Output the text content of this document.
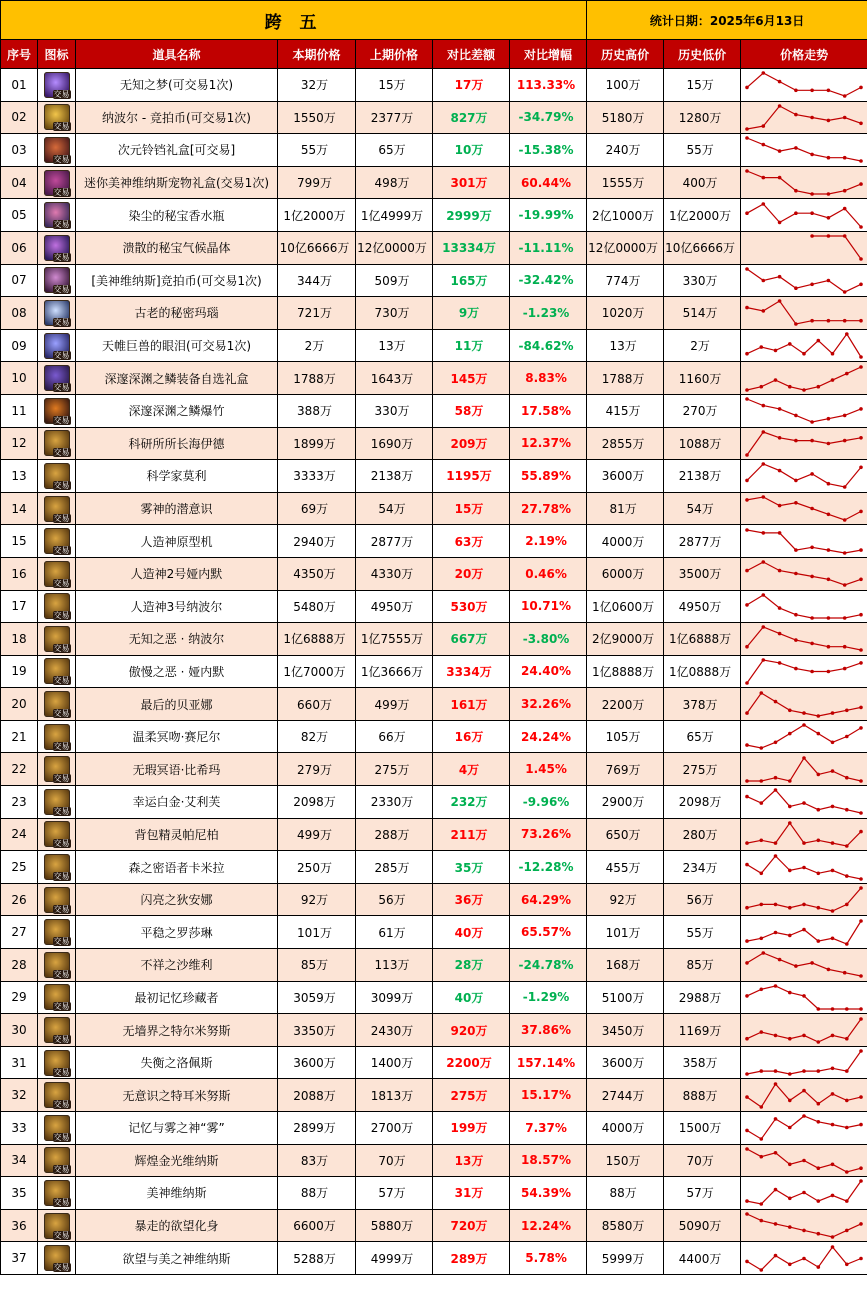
跨 五							统计日期：2025年6月13日		
序号	图标	道具名称	本期价格	上期价格	对比差额	对比增幅	历史高价	历史低价	价格走势
01	交易	无知之梦(可交易1次)	32万	15万	17万	113.33%	100万	15万	

02	交易	纳波尔 - 竞拍币(可交易1次)	1550万	2377万	827万	-34.79%	5180万	1280万	

03	交易	次元铃铛礼盒[可交易]	55万	65万	10万	-15.38%	240万	55万	

04	交易	迷你美神维纳斯宠物礼盒(交易1次)	799万	498万	301万	60.44%	1555万	400万	

05	交易	染尘的秘宝香水瓶	1亿2000万	1亿4999万	2999万	-19.99%	2亿1000万	1亿2000万	

06	交易	溃散的秘宝气候晶体	10亿6666万	12亿0000万	13334万	-11.11%	12亿0000万	10亿6666万	

07	交易	[美神维纳斯]竞拍币(可交易1次)	344万	509万	165万	-32.42%	774万	330万	

08	交易	古老的秘密玛瑙	721万	730万	9万	-1.23%	1020万	514万	

09	交易	天帷巨兽的眼泪(可交易1次)	2万	13万	11万	-84.62%	13万	2万	

10	交易	深邃深渊之鳞装备自选礼盒	1788万	1643万	145万	8.83%	1788万	1160万	

11	交易	深邃深渊之鳞爆竹	388万	330万	58万	17.58%	415万	270万	

12	交易	科研所所长海伊德	1899万	1690万	209万	12.37%	2855万	1088万	

13	交易	科学家莫利	3333万	2138万	1195万	55.89%	3600万	2138万	

14	交易	雾神的潜意识	69万	54万	15万	27.78%	81万	54万	

15	交易	人造神原型机	2940万	2877万	63万	2.19%	4000万	2877万	

16	交易	人造神2号娅内默	4350万	4330万	20万	0.46%	6000万	3500万	

17	交易	人造神3号纳波尔	5480万	4950万	530万	10.71%	1亿0600万	4950万	

18	交易	无知之恶 · 纳波尔	1亿6888万	1亿7555万	667万	-3.80%	2亿9000万	1亿6888万	

19	交易	傲慢之恶 · 娅内默	1亿7000万	1亿3666万	3334万	24.40%	1亿8888万	1亿0888万	

20	交易	最后的贝亚娜	660万	499万	161万	32.26%	2200万	378万	

21	交易	温柔冥吻·赛尼尔	82万	66万	16万	24.24%	105万	65万	

22	交易	无瑕冥语·比希玛	279万	275万	4万	1.45%	769万	275万	

23	交易	幸运白金·艾利芙	2098万	2330万	232万	-9.96%	2900万	2098万	

24	交易	背包精灵帕尼柏	499万	288万	211万	73.26%	650万	280万	

25	交易	森之密语者卡米拉	250万	285万	35万	-12.28%	455万	234万	

26	交易	闪亮之狄安娜	92万	56万	36万	64.29%	92万	56万	

27	交易	平稳之罗莎琳	101万	61万	40万	65.57%	101万	55万	

28	交易	不祥之沙维利	85万	113万	28万	-24.78%	168万	85万	

29	交易	最初记忆珍藏者	3059万	3099万	40万	-1.29%	5100万	2988万	

30	交易	无墙界之特尔米努斯	3350万	2430万	920万	37.86%	3450万	1169万	

31	交易	失衡之洛佩斯	3600万	1400万	2200万	157.14%	3600万	358万	

32	交易	无意识之特耳米努斯	2088万	1813万	275万	15.17%	2744万	888万	

33	交易	记忆与雾之神“雾”	2899万	2700万	199万	7.37%	4000万	1500万	

34	交易	辉煌金光维纳斯	83万	70万	13万	18.57%	150万	70万	

35	交易	美神维纳斯	88万	57万	31万	54.39%	88万	57万	

36	交易	暴走的欲望化身	6600万	5880万	720万	12.24%	8580万	5090万	

37	交易	欲望与美之神维纳斯	5288万	4999万	289万	5.78%	5999万	4400万	
